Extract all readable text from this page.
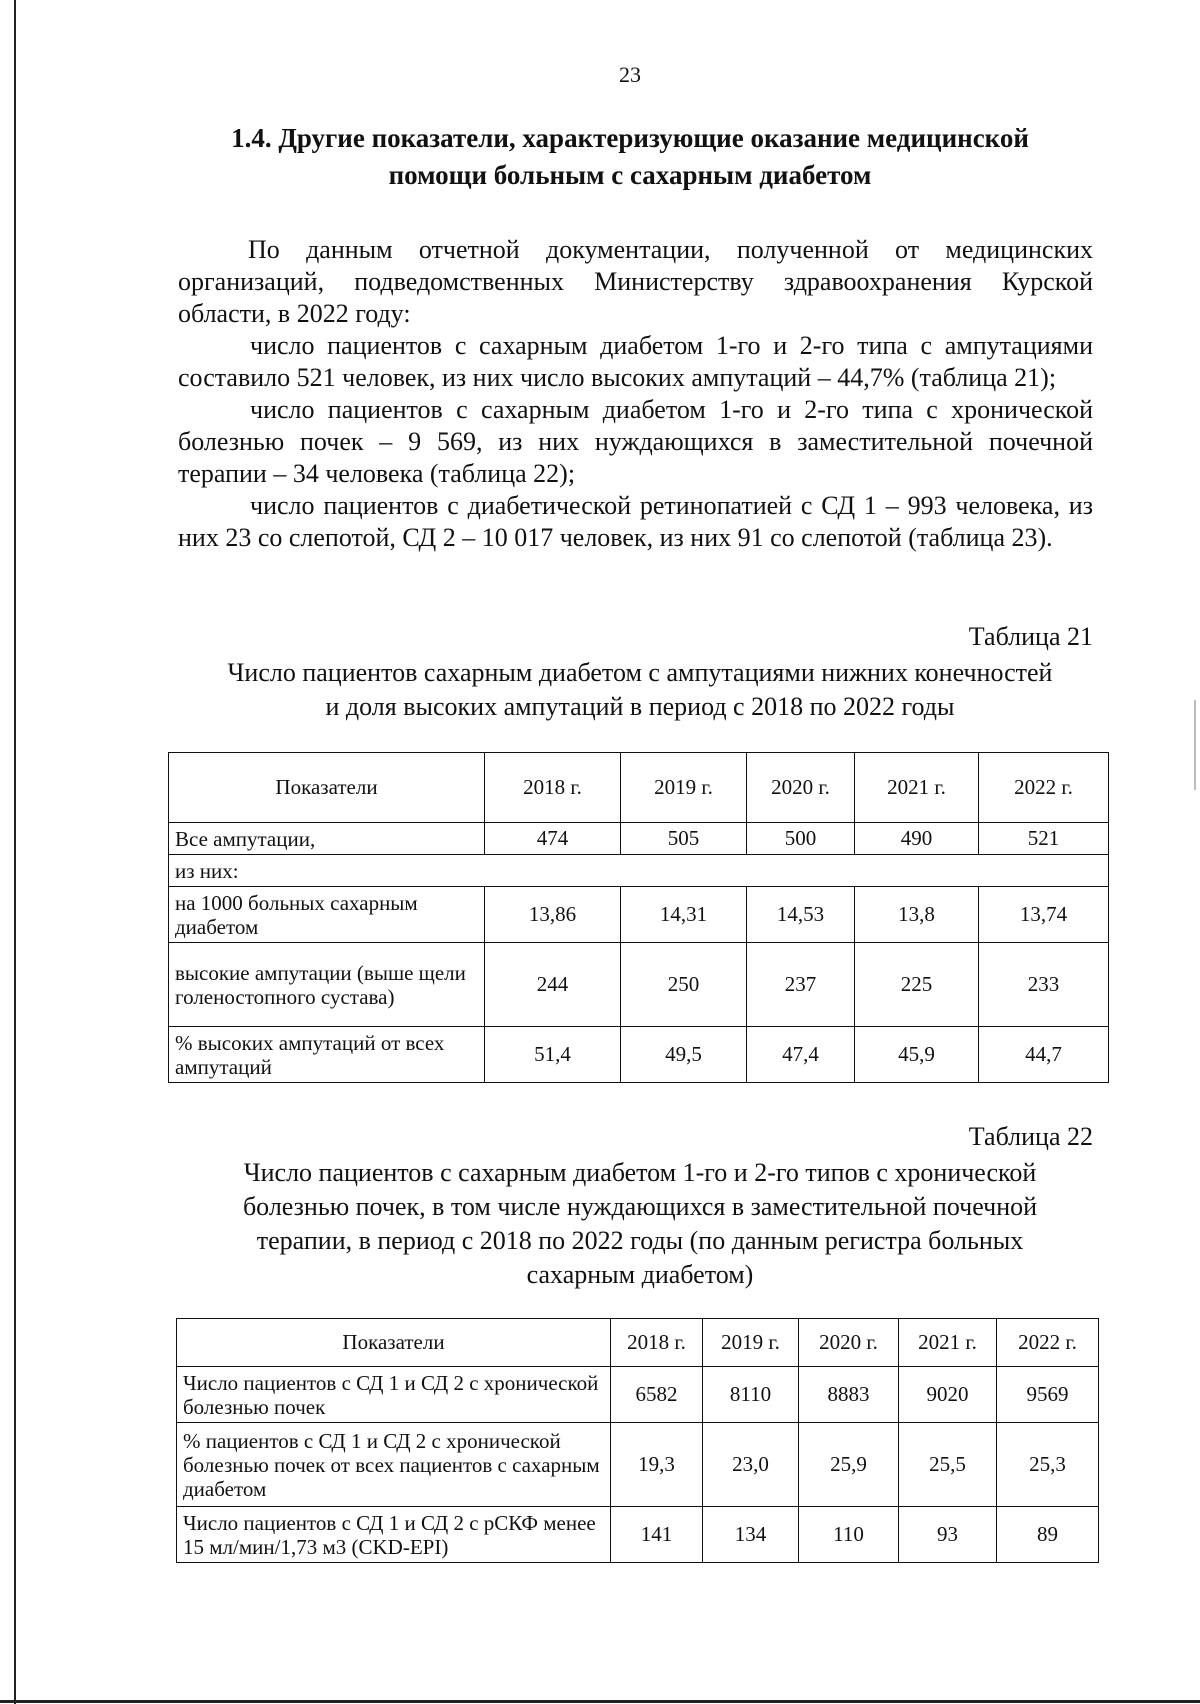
23
1.4. Другие показатели, характеризующие оказание медицинской
помощи больным с сахарным диабетом

По данным отчетной документации, полученной от медицинских организаций, подведомственных Министерству здравоохранения Курской области, в 2022 году:

число пациентов с сахарным диабетом 1-го и 2-го типа с ампутациями составило 521 человек, из них число высоких ампутаций – 44,7% (таблица 21);

число пациентов с сахарным диабетом 1-го и 2-го типа с хронической болезнью почек – 9 569, из них нуждающихся в заместительной почечной терапии – 34 человека (таблица 22);

число пациентов с диабетической ретинопатией с СД 1 – 993 человека, из них 23 со слепотой, СД 2 – 10 017 человек, из них 91 со слепотой (таблица 23).

Таблица 21
Число пациентов сахарным диабетом с ампутациями нижних конечностей
и доля высоких ампутаций в период с 2018 по 2022 годы
Показатели	2018 г.	2019 г.	2020 г.	2021 г.	2022 г.
Все ампутации,	474	505	500	490	521
из них:					
на 1000 больных сахарным диабетом	13,86	14,31	14,53	13,8	13,74
высокие ампутации (выше щели голеностопного сустава)	244	250	237	225	233
% высоких ампутаций от всех ампутаций	51,4	49,5	47,4	45,9	44,7
Таблица 22
Число пациентов с сахарным диабетом 1-го и 2-го типов с хронической
болезнью почек, в том числе нуждающихся в заместительной почечной
терапии, в период с 2018 по 2022 годы (по данным регистра больных
сахарным диабетом)
Показатели	2018 г.	2019 г.	2020 г.	2021 г.	2022 г.
Число пациентов с СД 1 и СД 2 с хронической болезнью почек	6582	8110	8883	9020	9569
% пациентов с СД 1 и СД 2 с хронической болезнью почек от всех пациентов с сахарным диабетом	19,3	23,0	25,9	25,5	25,3
Число пациентов с СД 1 и СД 2 с рСКФ менее 15 мл/мин/1,73 м3 (CKD-EPI)	141	134	110	93	89
